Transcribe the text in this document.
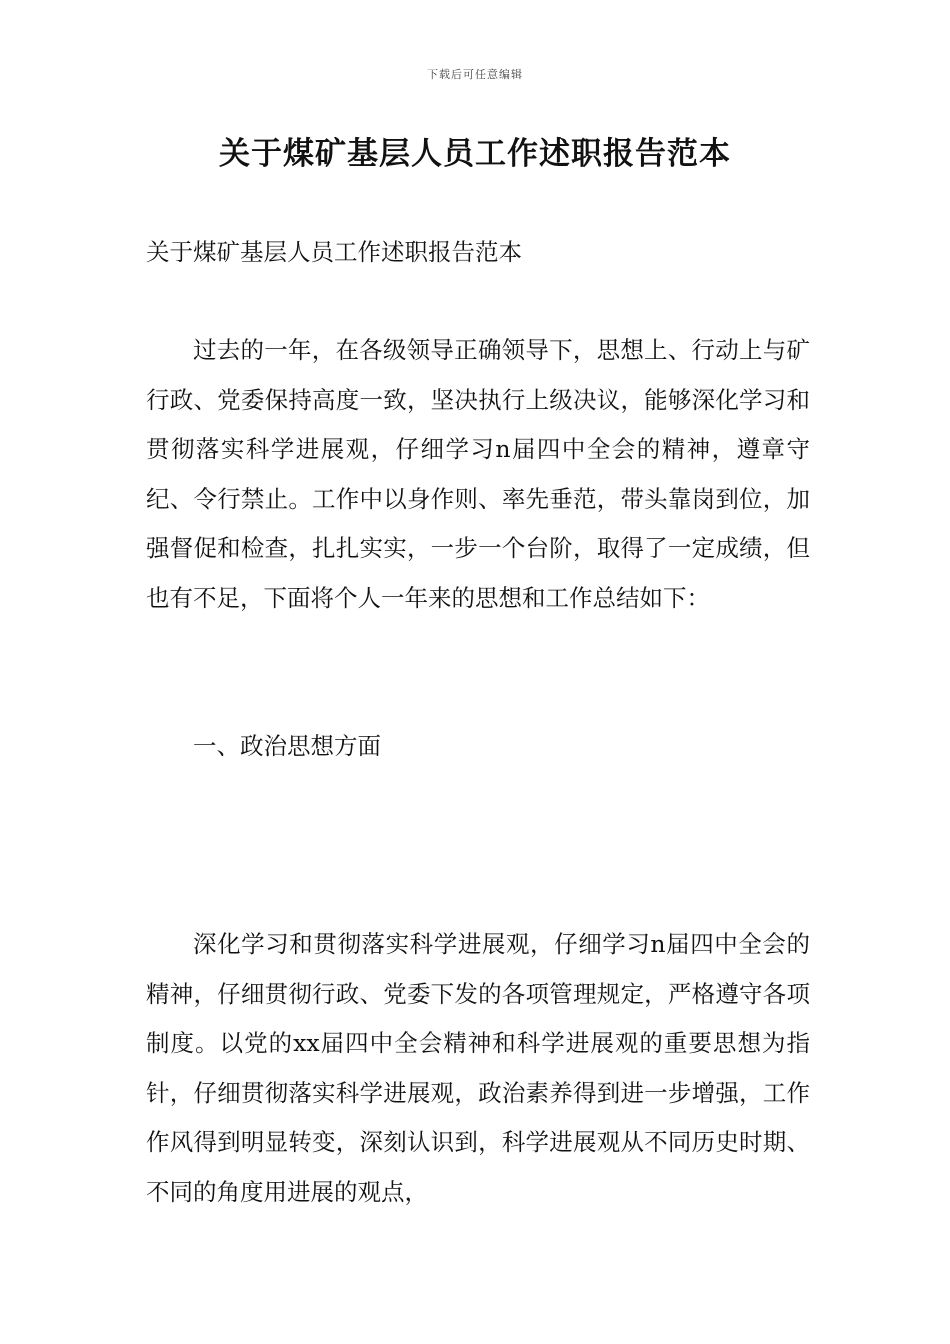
下载后可任意编辑
关于煤矿基层人员工作述职报告范本

关于煤矿基层人员工作述职报告范本

过去的一年，在各级领导正确领导下，思想上、行动上与矿行政、党委保持高度一致，坚决执行上级决议，能够深化学习和贯彻落实科学进展观，仔细学习n届四中全会的精神，遵章守纪、令行禁止。工作中以身作则、率先垂范，带头靠岗到位，加强督促和检查，扎扎实实，一步一个台阶，取得了一定成绩，但也有不足，下面将个人一年来的思想和工作总结如下：

一、政治思想方面

深化学习和贯彻落实科学进展观，仔细学习n届四中全会的精神，仔细贯彻行政、党委下发的各项管理规定，严格遵守各项制度。以党的xx届四中全会精神和科学进展观的重要思想为指针，仔细贯彻落实科学进展观，政治素养得到进一步增强，工作作风得到明显转变，深刻认识到，科学进展观从不同历史时期、不同的角度用进展的观点，
